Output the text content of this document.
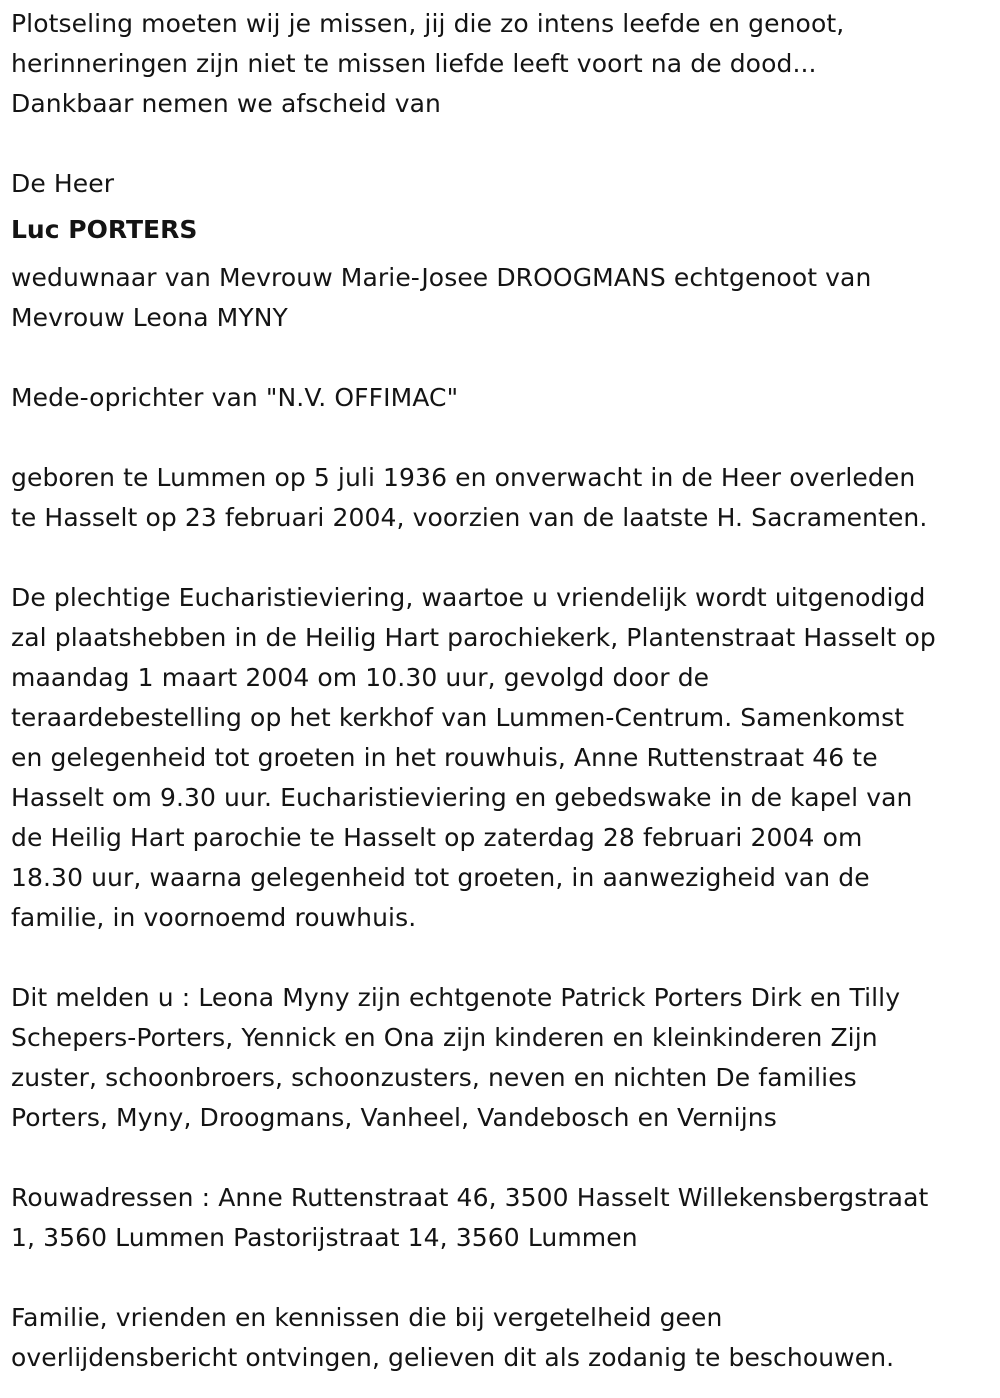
Plotseling moeten wij je missen, jij die zo intens leefde en genoot,
herinneringen zijn niet te missen liefde leeft voort na de dood...
Dankbaar nemen we afscheid van

De Heer

Luc PORTERS

weduwnaar van Mevrouw Marie-Josee DROOGMANS echtgenoot van
Mevrouw Leona MYNY

Mede-oprichter van "N.V. OFFIMAC"

geboren te Lummen op 5 juli 1936 en onverwacht in de Heer overleden
te Hasselt op 23 februari 2004, voorzien van de laatste H. Sacramenten.

De plechtige Eucharistieviering, waartoe u vriendelijk wordt uitgenodigd
zal plaatshebben in de Heilig Hart parochiekerk, Plantenstraat Hasselt op
maandag 1 maart 2004 om 10.30 uur, gevolgd door de
teraardebestelling op het kerkhof van Lummen-Centrum. Samenkomst
en gelegenheid tot groeten in het rouwhuis, Anne Ruttenstraat 46 te
Hasselt om 9.30 uur. Eucharistieviering en gebedswake in de kapel van
de Heilig Hart parochie te Hasselt op zaterdag 28 februari 2004 om
18.30 uur, waarna gelegenheid tot groeten, in aanwezigheid van de
familie, in voornoemd rouwhuis.

Dit melden u : Leona Myny zijn echtgenote Patrick Porters Dirk en Tilly
Schepers-Porters, Yennick en Ona zijn kinderen en kleinkinderen Zijn
zuster, schoonbroers, schoonzusters, neven en nichten De families
Porters, Myny, Droogmans, Vanheel, Vandebosch en Vernijns

Rouwadressen : Anne Ruttenstraat 46, 3500 Hasselt Willekensbergstraat
1, 3560 Lummen Pastorijstraat 14, 3560 Lummen

Familie, vrienden en kennissen die bij vergetelheid geen
overlijdensbericht ontvingen, gelieven dit als zodanig te beschouwen.
